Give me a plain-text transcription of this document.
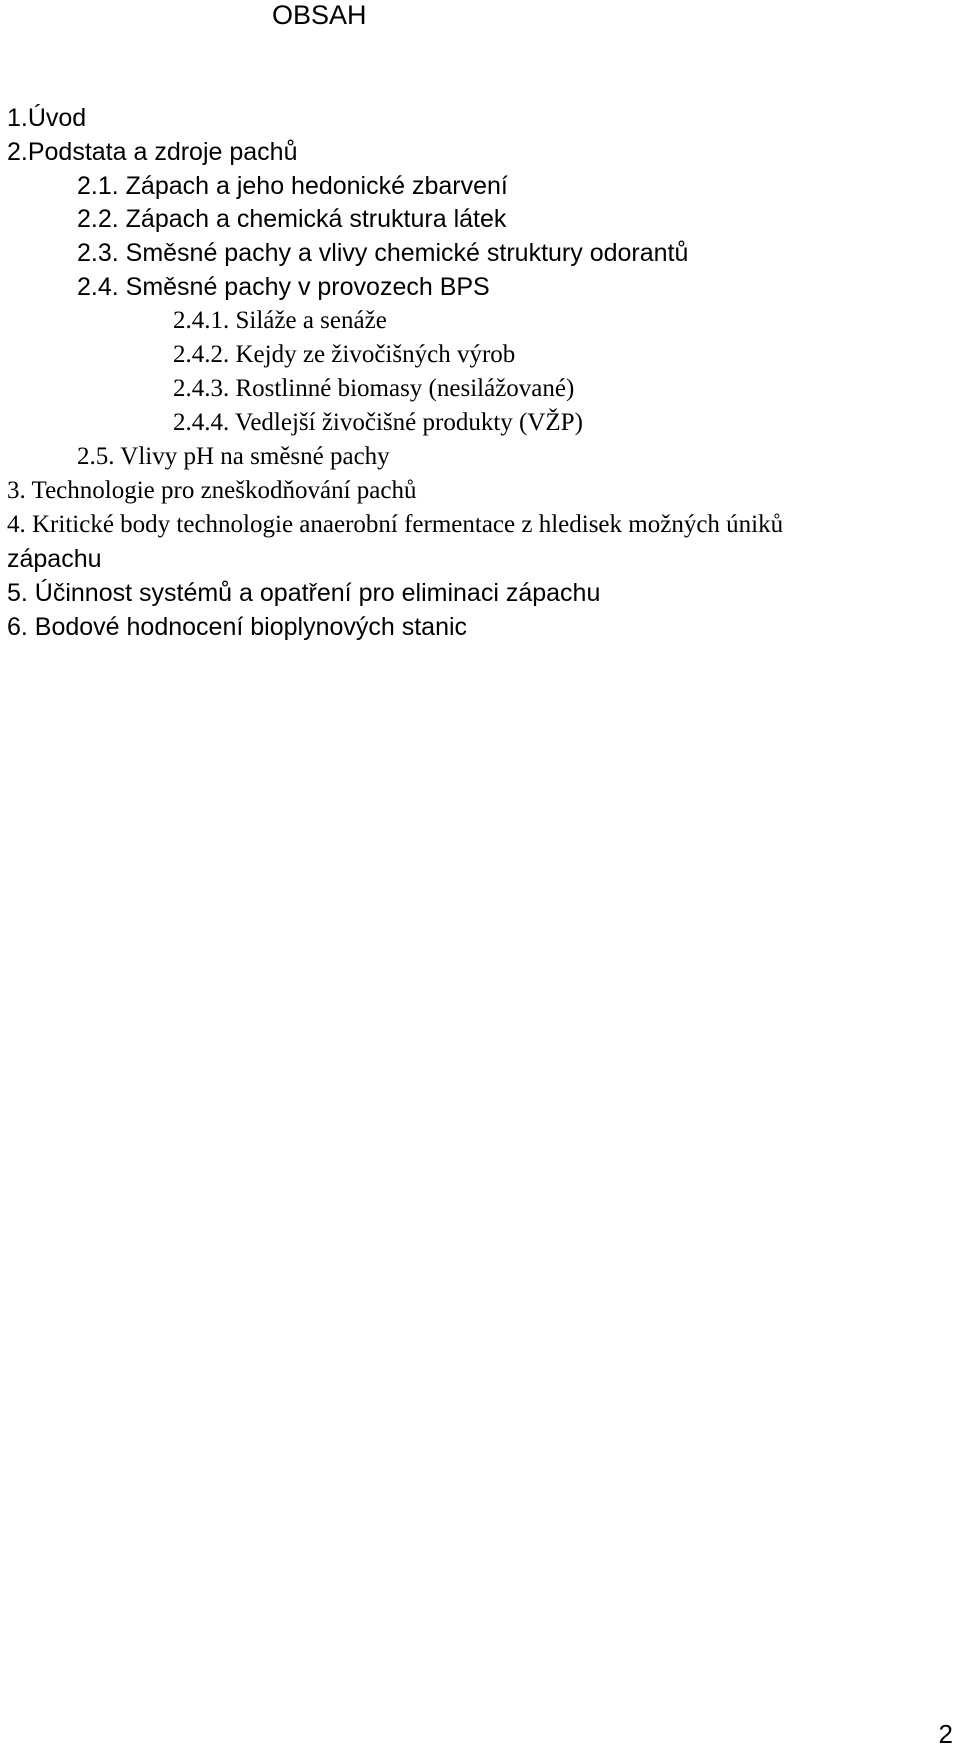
OBSAH
1.Úvod
2.Podstata a zdroje pachů
2.1. Zápach a jeho hedonické zbarvení
2.2. Zápach a chemická struktura látek
2.3. Směsné pachy a vlivy chemické struktury odorantů
2.4. Směsné pachy v provozech BPS
2.4.1. Siláže a senáže
2.4.2. Kejdy ze živočišných výrob
2.4.3. Rostlinné biomasy (nesilážované)
2.4.4. Vedlejší živočišné produkty (VŽP)
2.5. Vlivy pH na směsné pachy
3. Technologie pro zneškodňování pachů
4. Kritické body technologie anaerobní fermentace z hledisek možných úniků
zápachu
5. Účinnost systémů a opatření pro eliminaci zápachu
6. Bodové hodnocení bioplynových stanic
2
